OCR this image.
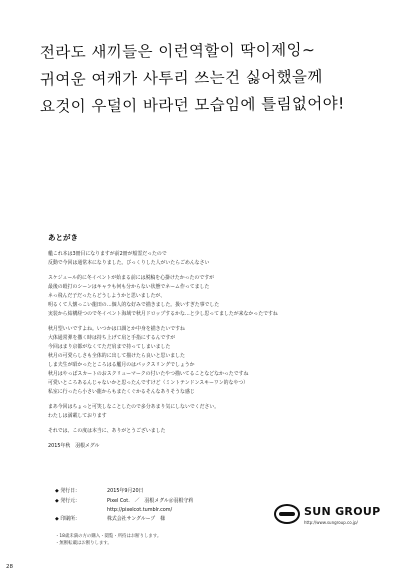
전라도 새끼들은 이런역할이 딱이제잉~
귀여운 여캐가 사투리 쓰는건 싫어했을께
요것이 우덜이 바라던 모습임에 틀림없어야!
あとがき
艦これ本は3冊目になりますが前2冊が船霊だったので
反動で今回は通常本になりました。びっくりした人がいたらごめんなさい
スケジュール的に冬イベントが始まる前には脱稿を心掛けたかったのですが
最後の殴打のシーンはキャラも何も分からない状態でネーム作ってました
ネっ飛んだ子だったらどうしようかと思いましたが、
明るくて人懐っこい龍田の…個人的な好みで描きました。扱いすぎた事でした
実装から結構経つので冬イベント海域で秋月ドロップするかな…と少し思ってましたが来なかったですね
秋月型いいですよね。いつかは口調とか中身を描きたいですね
大体通常弾を撒く時は持ち上げて肩と手指にするんですが
今回はまり京都がなくてただ肩まで持ってしまいました
秋月の可愛らしさも全体的に出して描けたら良いと思いました
しま夫生が昭かったところはる艦月のはパックスリングでしょうか
秋月はやっぱスカートのおスクリューマークの付いたやつ描いてることなどなかったですね
可愛いところあるんじゃないかと思ったんですけど（ミントテンドンスキーワン的なやつ）
私室に行ったら小さい龍からもまたくぐかるそんなありそうな感じ
まあ今回はちょっと可笑しなことしたので多分あまり気にしないでください。
わたしは満載しております
それでは、この度は本当に、ありがとうございました
2015年秋　羽根メグル
◆ 発行日：	2015年9月20日
◆ 発行元：	Pixel Cot.　／　羽根メグル＠羽根守莉
http://pixelcot.tumblr.com/
◆ 印刷所：	株式会社サングループ　様
・18歳未満の方の購入・閲覧・所持はお断りします。
・無断転載はお断りします。
SUN GROUP
http://www.sungroup.co.jp/
28
